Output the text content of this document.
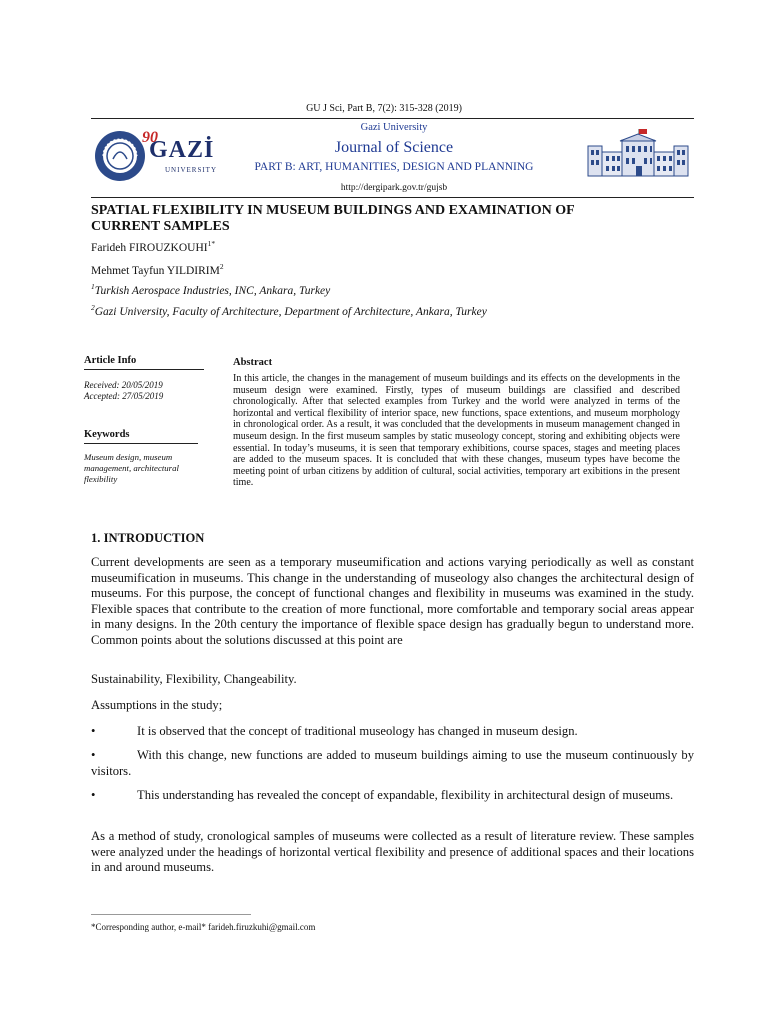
GU J Sci, Part B, 7(2): 315-328 (2019)
Gazi University
Journal of Science
PART B: ART, HUMANITIES, DESIGN AND PLANNING
http://dergipark.gov.tr/gujsb
90
GAZİ
UNIVERSITY
SPATIAL FLEXIBILITY IN MUSEUM BUILDINGS AND EXAMINATION OF
CURRENT SAMPLES
Farideh $FIROUZKOUHI^{1*}$
Mehmet Tayfun YILDIRIM$^2$
$^1$Turkish Aerospace Industries, INC, Ankara, Turkey
$^2$Gazi University, Faculty of Architecture, Department of Architecture, Ankara, Turkey
Article Info
Received: 20/05/2019
Accepted: 27/05/2019
Keywords
Museum design, museum management, architectural flexibility
Abstract
In this article, the changes in the management of museum buildings and its effects on the developments in the museum design were examined. Firstly, types of museum buildings are classified and described chronologically. After that selected examples from Turkey and the world were analyzed in terms of the horizontal and vertical flexibility of interior space, new functions, space extentions, and museum morphology in chronological order. As a result, it was concluded that the developments in museum management changed in museum design. In the first museum samples by static museology concept, storing and exhibiting objects were essential. In today’s museums, it is seen that temporary exhibitions, course spaces, stages and meeting places are added to the museum spaces. It is concluded that with these changes, museum types have become the meeting point of urban citizens by addition of cultural, social activities, temporary art exibitions in the present time.
1. INTRODUCTION
Current developments are seen as a temporary museumification and actions varying periodically as well as constant museumification in museums. This change in the understanding of museology also changes the architectural design of museums. For this purpose, the concept of functional changes and flexibility in museums was examined in the study. Flexible spaces that contribute to the creation of more functional, more comfortable and temporary social areas appear in many designs. In the 20th century the importance of flexible space design has gradually begun to understand more. Common points about the solutions discussed at this point are
Sustainability, Flexibility, Changeability.
Assumptions in the study;
•	It is observed that the concept of traditional museology has changed in museum design.
•	With this change, new functions are added to museum buildings aiming to use the museum continuously by visitors.
•	This understanding has revealed the concept of expandable, flexibility in architectural design of museums.
As a method of study, cronological samples of museums were collected as a result of literature review. These samples were analyzed under the headings of horizontal vertical flexibility and presence of additional spaces and their locations in and around museums.
*Corresponding author, e-mail* farideh.firuzkuhi@gmail.com
